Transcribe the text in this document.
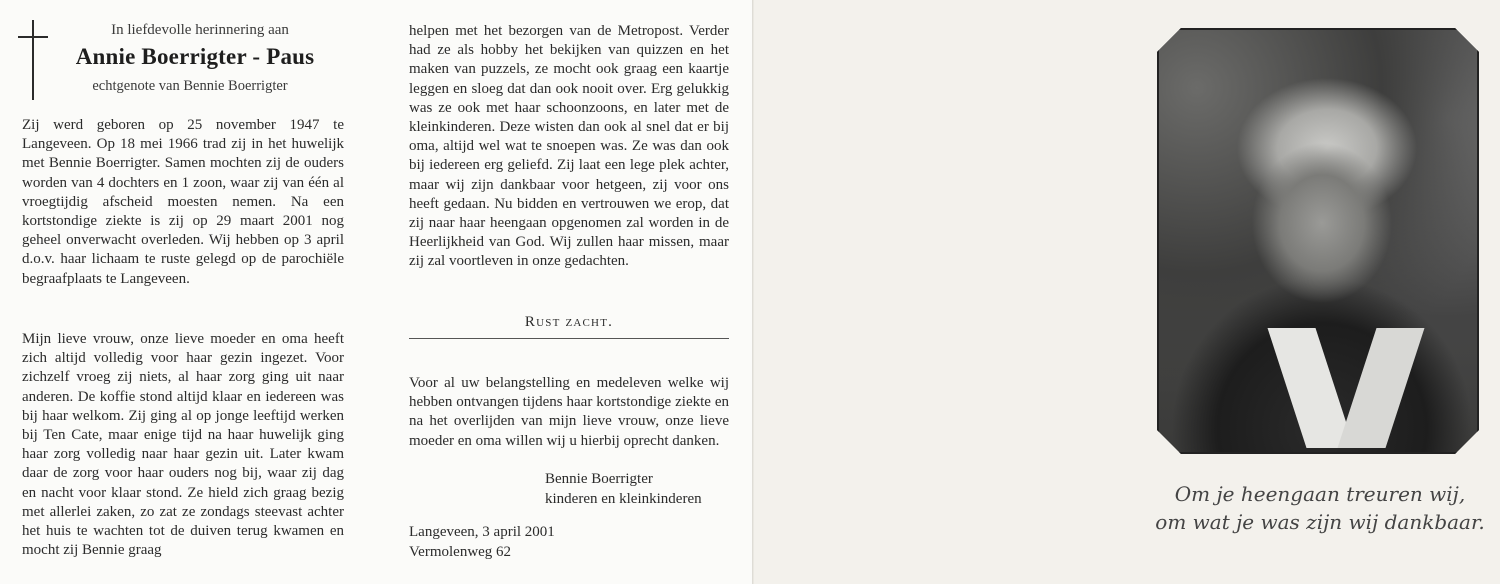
In liefdevolle herinnering aan
Annie Boerrigter - Paus
echtgenote van Bennie Boerrigter
Zij werd geboren op 25 november 1947 te Langeveen. Op 18 mei 1966 trad zij in het huwelijk met Bennie Boerrigter. Samen mochten zij de ouders worden van 4 dochters en 1 zoon, waar zij van één al vroegtijdig afscheid moesten nemen. Na een kortstondige ziekte is zij op 29 maart 2001 nog geheel onverwacht overleden. Wij hebben op 3 april d.o.v. haar lichaam te ruste gelegd op de parochiële begraafplaats te Langeveen.
Mijn lieve vrouw, onze lieve moeder en oma heeft zich altijd volledig voor haar gezin ingezet. Voor zichzelf vroeg zij niets, al haar zorg ging uit naar anderen. De koffie stond altijd klaar en iedereen was bij haar welkom. Zij ging al op jonge leeftijd werken bij Ten Cate, maar enige tijd na haar huwelijk ging haar zorg volledig naar haar gezin uit. Later kwam daar de zorg voor haar ouders nog bij, waar zij dag en nacht voor klaar stond. Ze hield zich graag bezig met allerlei zaken, zo zat ze zondags steevast achter het huis te wachten tot de duiven terug kwamen en mocht zij Bennie graag
helpen met het bezorgen van de Metropost. Verder had ze als hobby het bekijken van quizzen en het maken van puzzels, ze mocht ook graag een kaartje leggen en sloeg dat dan ook nooit over. Erg gelukkig was ze ook met haar schoonzoons, en later met de kleinkinderen. Deze wisten dan ook al snel dat er bij oma, altijd wel wat te snoepen was. Ze was dan ook bij iedereen erg geliefd. Zij laat een lege plek achter, maar wij zijn dankbaar voor hetgeen, zij voor ons heeft gedaan. Nu bidden en vertrouwen we erop, dat zij naar haar heengaan opgenomen zal worden in de Heerlijkheid van God. Wij zullen haar missen, maar zij zal voortleven in onze gedachten.
Rust zacht.
Voor al uw belangstelling en medeleven welke wij hebben ontvangen tijdens haar kortstondige ziekte en na het overlijden van mijn lieve vrouw, onze lieve moeder en oma willen wij u hierbij oprecht danken.
Bennie Boerrigter
kinderen en kleinkinderen
Langeveen, 3 april 2001
Vermolenweg 62
Om je heengaan treuren wij,
om wat je was zijn wij dankbaar.
